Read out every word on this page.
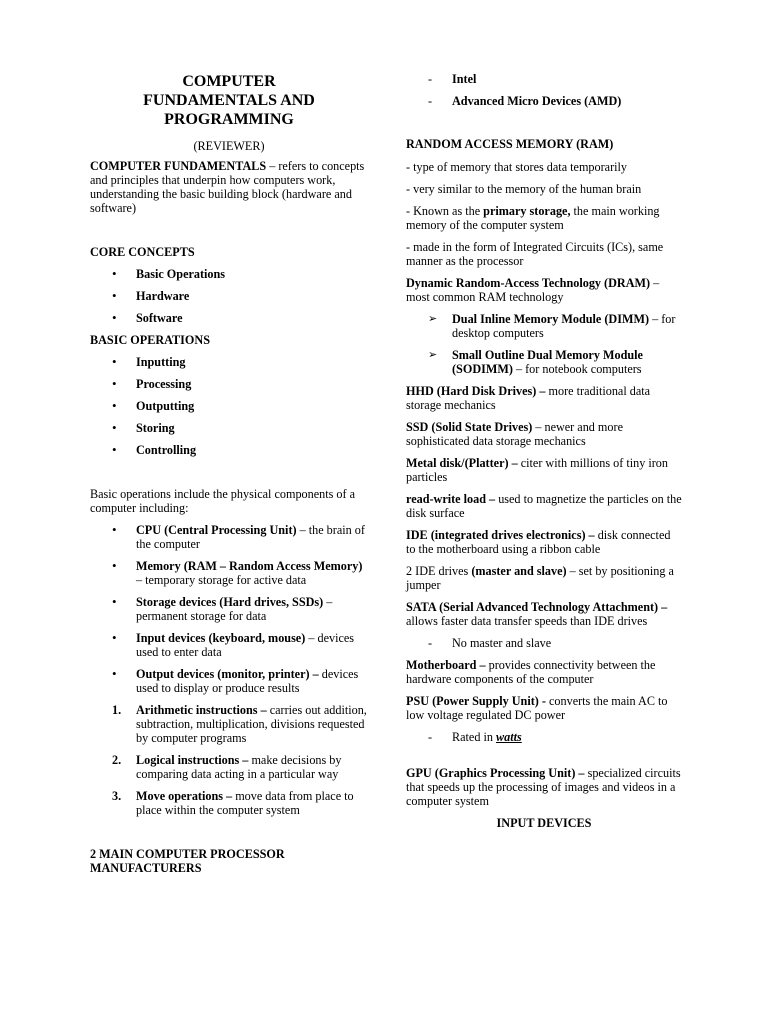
COMPUTER
FUNDAMENTALS AND
PROGRAMMING

(REVIEWER)

COMPUTER FUNDAMENTALS – refers to concepts and principles that underpin how computers work, understanding the basic building block (hardware and software)

CORE CONCEPTS

• Basic Operations
• Hardware
• Software

BASIC OPERATIONS

• Inputting
• Processing
• Outputting
• Storing
• Controlling

Basic operations include the physical components of a computer including:

• CPU (Central Processing Unit) – the brain of the computer
• Memory (RAM – Random Access Memory) – temporary storage for active data
• Storage devices (Hard drives, SSDs) – permanent storage for data
• Input devices (keyboard, mouse) – devices used to enter data
• Output devices (monitor, printer) – devices used to display or produce results
1. Arithmetic instructions – carries out addition, subtraction, multiplication, divisions requested by computer programs
2. Logical instructions – make decisions by comparing data acting in a particular way
3. Move operations – move data from place to place within the computer system

2 MAIN COMPUTER PROCESSOR MANUFACTURERS

- Intel
- Advanced Micro Devices (AMD)

RANDOM ACCESS MEMORY (RAM)

- type of memory that stores data temporarily

- very similar to the memory of the human brain

- Known as the primary storage, the main working memory of the computer system

- made in the form of Integrated Circuits (ICs), same manner as the processor

Dynamic Random-Access Technology (DRAM) – most common RAM technology

➢ Dual Inline Memory Module (DIMM) – for desktop computers
➢ Small Outline Dual Memory Module (SODIMM) – for notebook computers

HHD (Hard Disk Drives) – more traditional data storage mechanics

SSD (Solid State Drives) – newer and more sophisticated data storage mechanics

Metal disk/(Platter) – citer with millions of tiny iron particles

read-write load – used to magnetize the particles on the disk surface

IDE (integrated drives electronics) – disk connected to the motherboard using a ribbon cable

2 IDE drives (master and slave) – set by positioning a jumper

SATA (Serial Advanced Technology Attachment) – allows faster data transfer speeds than IDE drives

- No master and slave

Motherboard – provides connectivity between the hardware components of the computer

PSU (Power Supply Unit) - converts the main AC to low voltage regulated DC power

- Rated in watts

GPU (Graphics Processing Unit) – specialized circuits that speeds up the processing of images and videos in a computer system

INPUT DEVICES
